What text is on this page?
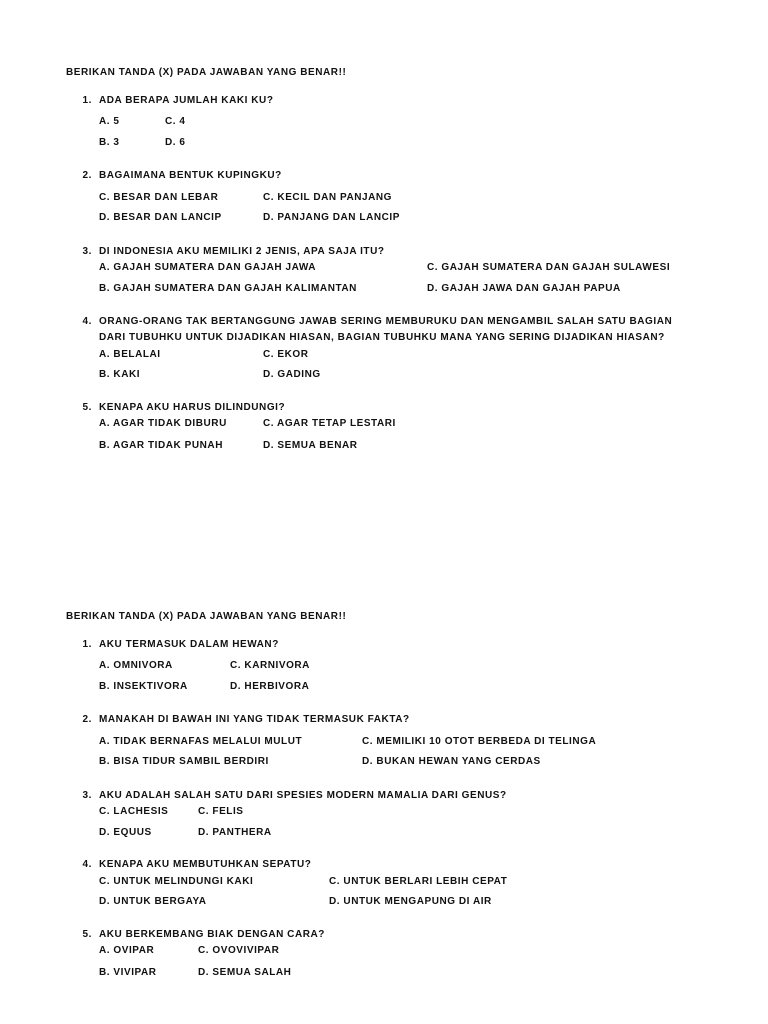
BERIKAN TANDA (X) PADA JAWABAN YANG BENAR!!
1. ADA BERAPA JUMLAH KAKI KU?
A. 5	C. 4
B. 3	D. 6
2. BAGAIMANA BENTUK KUPINGKU?
C. BESAR DAN LEBAR	C. KECIL DAN PANJANG
D. BESAR DAN LANCIP	D. PANJANG DAN LANCIP
3. DI INDONESIA AKU MEMILIKI 2 JENIS, APA SAJA ITU?
A. GAJAH SUMATERA DAN GAJAH JAWA	C. GAJAH SUMATERA DAN GAJAH SULAWESI
B. GAJAH SUMATERA DAN GAJAH KALIMANTAN	D. GAJAH JAWA DAN GAJAH PAPUA
4. ORANG-ORANG TAK BERTANGGUNG JAWAB SERING MEMBURUKU DAN MENGAMBIL SALAH SATU BAGIAN
DARI TUBUHKU UNTUK DIJADIKAN HIASAN, BAGIAN TUBUHKU MANA YANG SERING DIJADIKAN HIASAN?
A. BELALAI	C. EKOR
B. KAKI	D. GADING
5. KENAPA AKU HARUS DILINDUNGI?
A. AGAR TIDAK DIBURU	C. AGAR TETAP LESTARI
B. AGAR TIDAK PUNAH	D. SEMUA BENAR
BERIKAN TANDA (X) PADA JAWABAN YANG BENAR!!
1. AKU TERMASUK DALAM HEWAN?
A. OMNIVORA	C. KARNIVORA
B. INSEKTIVORA	D. HERBIVORA
2. MANAKAH DI BAWAH INI YANG TIDAK TERMASUK FAKTA?
A. TIDAK BERNAFAS MELALUI MULUT	C. MEMILIKI 10 OTOT BERBEDA DI TELINGA
B. BISA TIDUR SAMBIL BERDIRI	D. BUKAN HEWAN YANG CERDAS
3. AKU ADALAH SALAH SATU DARI SPESIES MODERN MAMALIA DARI GENUS?
C. LACHESIS	C. FELIS
D. EQUUS	D. PANTHERA
4. KENAPA AKU MEMBUTUHKAN SEPATU?
C. UNTUK MELINDUNGI KAKI	C. UNTUK BERLARI LEBIH CEPAT
D. UNTUK BERGAYA	D. UNTUK MENGAPUNG DI AIR
5. AKU BERKEMBANG BIAK DENGAN CARA?
A. OVIPAR	C. OVOVIVIPAR
B. VIVIPAR	D. SEMUA SALAH
